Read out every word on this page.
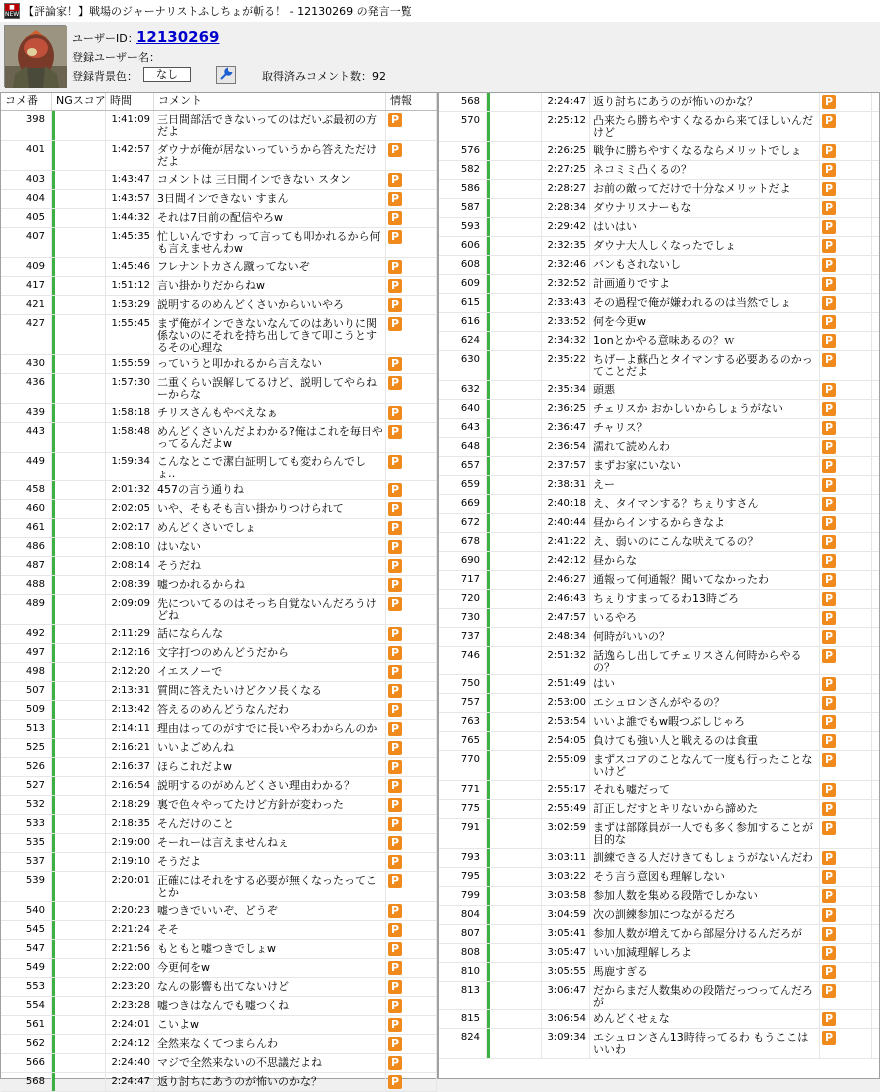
■
NEW 【評論家！】戦場のジャーナリストふしちょが斬る！ - 12130269 の発言一覧
ユーザーID：
12130269
登録ユーザー名：
登録背景色：	なし	取得済みコメント数：92
コメ番	NGスコア 時間	コメント	情報
398	1:41:09 三日間部活できないってのはだいぶ最初の方だよ
P
401	1:42:57 ダウナが俺が居ないっていうから答えただけだよ
P
403	1:43:47 コメントは 三日間インできない スタン	P
404	1:43:57 3日間インできない すまん	P
405	1:44:32 それは7日前の配信やろw	P
407	1:45:35 忙しいんですわ って言っても叩かれるから何も言えませんわw
P
409	1:45:46 フレナントカさん蹴ってないぞ	P
417	1:51:12 言い掛かりだからねw	P
421	1:53:29 説明するのめんどくさいからいいやろ	P
427	1:55:45 まず俺がインできないなんてのはあいりに関係ないのにそれを持ち出してきて叩こうとするその心理な
P
430	1:55:59 っていうと叩かれるから言えない	P
436	1:57:30 二重くらい誤解してるけど、説明してやらねーからな
P
439	1:58:18 チリスさんもやべえなぁ	P
443	1:58:48 めんどくさいんだよわかる?俺はこれを毎日やってるんだよw
P
449	1:59:34 こんなとこで潔白証明しても変わらんでしょ‥
P
458	2:01:32 457の言う通りね	P
460	2:02:05 いや、そもそも言い掛かりつけられて	P
461	2:02:17 めんどくさいでしょ	P
486	2:08:10 はいない	P
487	2:08:14 そうだね	P
488	2:08:39 嘘つかれるからね	P
489	2:09:09 先についてるのはそっち自覚ないんだろうけどね
P
492	2:11:29 話にならんな	P
497	2:12:16 文字打つのめんどうだから	P
498	2:12:20 イエスノーで	P
507	2:13:31 質問に答えたいけどクソ長くなる	P
509	2:13:42 答えるのめんどうなんだわ	P
513	2:14:11 理由はってのがすでに長いやろわからんのか	P
525	2:16:21 いいよごめんね	P
526	2:16:37 ほらこれだよw	P
527	2:16:54 説明するのがめんどくさい理由わかる？	P
532	2:18:29 裏で色々やってたけど方針が変わった	P
533	2:18:35 そんだけのこと	P
535	2:19:00 そーれーは言えませんねぇ	P
537	2:19:10 そうだよ	P
539	2:20:01 正確にはそれをする必要が無くなったってことか
P
540	2:20:23 嘘つきでいいぞ、どうぞ	P
545	2:21:24 そそ	P
547	2:21:56 もともと嘘つきでしょw	P
549	2:22:00 今更何をw	P
553	2:23:20 なんの影響も出てないけど	P
554	2:23:28 嘘つきはなんでも嘘つくね	P
561	2:24:01 こいよw	P
562	2:24:12 全然来なくてつまらんわ	P
566	2:24:40 マジで全然来ないの不思議だよね	P
568	2:24:47 返り討ちにあうのが怖いのかな？	P
568	2:24:47 返り討ちにあうのが怖いのかな？	P
570	2:25:12 凸来たら勝ちやすくなるから来てほしいんだけど
P
576	2:26:25 戦争に勝ちやすくなるならメリットでしょ	P
582	2:27:25 ネコミミ凸くるの？	P
586	2:28:27 お前の敵ってだけで十分なメリットだよ	P
587	2:28:34 ダウナリスナーもな	P
593	2:29:42 はいはい	P
606	2:32:35 ダウナ大人しくなったでしょ	P
608	2:32:46 バンもされないし	P
609	2:32:52 計画通りですよ	P
615	2:33:43 その過程で俺が嫌われるのは当然でしょ	P
616	2:33:52 何を今更w	P
624	2:34:32 1onとかやる意味あるの？ｗ	P
630	2:35:22 ちげーよ蘇凸とタイマンする必要あるのかってことだよ
P
632	2:35:34 頭悪	P
640	2:36:25 チェリスか おかしいからしょうがない	P
643	2:36:47 チャリス？	P
648	2:36:54 濡れて読めんわ	P
657	2:37:57 まずお家にいない	P
659	2:38:31 えー	P
669	2:40:18 え、タイマンする？ちぇりすさん	P
672	2:40:44 昼からインするからきなよ	P
678	2:41:22 え、弱いのにこんな吠えてるの？	P
690	2:42:12 昼からな	P
717	2:46:27 通報って何通報？聞いてなかったわ	P
720	2:46:43 ちぇりすまってるわ13時ごろ	P
730	2:47:57 いるやろ	P
737	2:48:34 何時がいいの？	P
746	2:51:32 話逸らし出してチェリスさん何時からやるの？
P
750	2:51:49 はい	P
757	2:53:00 エシュロンさんがやるの？	P
763	2:53:54 いいよ誰でもw暇つぶしじゃろ	P
765	2:54:05 負けても強い人と戦えるのは食重	P
770	2:55:09 まずスコアのことなんて一度も行ったことないけど
P
771	2:55:17 それも嘘だって	P
775	2:55:49 訂正しだすとキリないから諦めた	P
791	3:02:59 まずは部隊員が一人でも多く参加することが目的な
P
793	3:03:11 訓練できる人だけきてもしょうがないんだわ	P
795	3:03:22 そう言う意図も理解しない	P
799	3:03:58 参加人数を集める段階でしかない	P
804	3:04:59 次の訓練参加につながるだろ	P
807	3:05:41 参加人数が増えてから部屋分けるんだろが	P
808	3:05:47 いい加減理解しろよ	P
810	3:05:55 馬鹿すぎる	P
813	3:06:47 だからまだ人数集めの段階だっつってんだろが
P
815	3:06:54 めんどくせぇな	P
824	3:09:34 エシュロンさん13時待ってるわ もうここはいいわ
P
